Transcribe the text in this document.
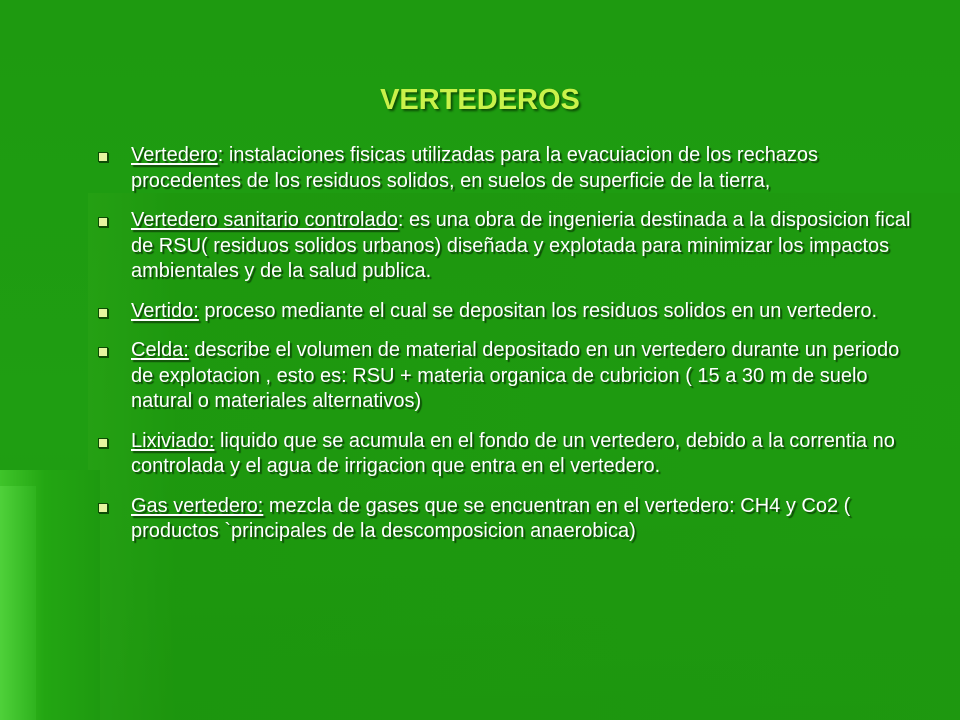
VERTEDEROS
Vertedero: instalaciones fisicas utilizadas para la evacuiacion de los rechazos procedentes de los residuos solidos, en suelos de superficie de la tierra,
Vertedero sanitario controlado: es una obra de ingenieria destinada a la disposicion fical de RSU( residuos solidos urbanos) diseñada y explotada para minimizar los impactos ambientales y de la salud publica.
Vertido: proceso mediante el cual se depositan los residuos solidos en un vertedero.
Celda: describe el volumen de material depositado en un vertedero durante un periodo de explotacion , esto es: RSU + materia organica de cubricion ( 15 a 30 m de suelo natural o materiales alternativos)
Lixiviado: liquido que se acumula en el fondo de un vertedero, debido a la correntia no controlada y el agua de irrigacion que entra en el vertedero.
Gas vertedero: mezcla de gases que se encuentran en el vertedero: CH4 y Co2 ( productos `principales de la descomposicion anaerobica)
